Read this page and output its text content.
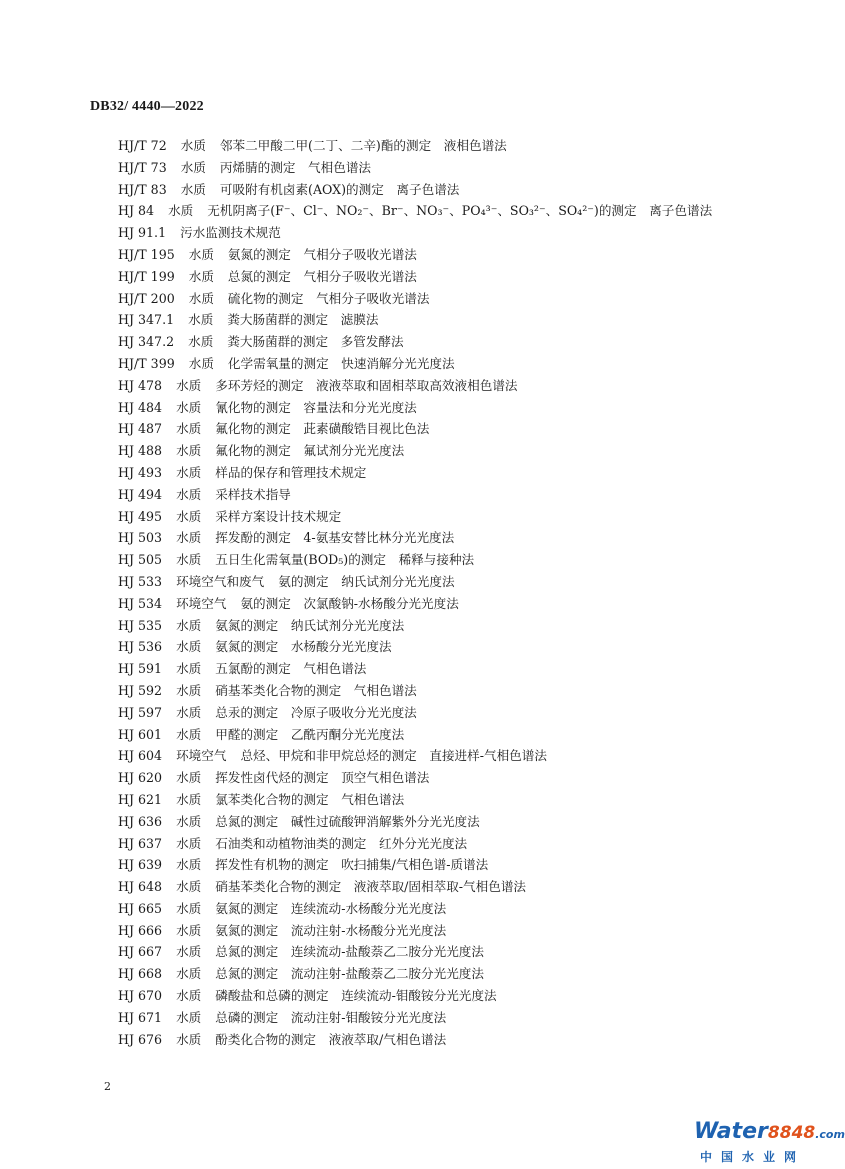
DB32/ 4440—2022
HJ/T 72 水质 邻苯二甲酸二甲(二丁、二辛)酯的测定　液相色谱法
HJ/T 73 水质 丙烯腈的测定　气相色谱法
HJ/T 83 水质 可吸附有机卤素(AOX)的测定　离子色谱法
HJ 84 水质 无机阴离子(F⁻、Cl⁻、NO₂⁻、Br⁻、NO₃⁻、PO₄³⁻、SO₃²⁻、SO₄²⁻)的测定　离子色谱法
HJ 91.1 污水监测技术规范
HJ/T 195 水质 氨氮的测定　气相分子吸收光谱法
HJ/T 199 水质 总氮的测定　气相分子吸收光谱法
HJ/T 200 水质 硫化物的测定　气相分子吸收光谱法
HJ 347.1 水质 粪大肠菌群的测定　滤膜法
HJ 347.2 水质 粪大肠菌群的测定　多管发酵法
HJ/T 399 水质 化学需氧量的测定　快速消解分光光度法
HJ 478 水质 多环芳烃的测定　液液萃取和固相萃取高效液相色谱法
HJ 484 水质 氰化物的测定　容量法和分光光度法
HJ 487 水质 氟化物的测定　茈素磺酸锆目视比色法
HJ 488 水质 氟化物的测定　氟试剂分光光度法
HJ 493 水质 样品的保存和管理技术规定
HJ 494 水质 采样技术指导
HJ 495 水质 采样方案设计技术规定
HJ 503 水质 挥发酚的测定　4-氨基安替比林分光光度法
HJ 505 水质 五日生化需氧量(BOD₅)的测定　稀释与接种法
HJ 533 环境空气和废气 氨的测定　纳氏试剂分光光度法
HJ 534 环境空气 氨的测定　次氯酸钠-水杨酸分光光度法
HJ 535 水质 氨氮的测定　纳氏试剂分光光度法
HJ 536 水质 氨氮的测定　水杨酸分光光度法
HJ 591 水质 五氯酚的测定　气相色谱法
HJ 592 水质 硝基苯类化合物的测定　气相色谱法
HJ 597 水质 总汞的测定　冷原子吸收分光光度法
HJ 601 水质 甲醛的测定　乙酰丙酮分光光度法
HJ 604 环境空气 总烃、甲烷和非甲烷总烃的测定　直接进样-气相色谱法
HJ 620 水质 挥发性卤代烃的测定　顶空气相色谱法
HJ 621 水质 氯苯类化合物的测定　气相色谱法
HJ 636 水质 总氮的测定　碱性过硫酸钾消解紫外分光光度法
HJ 637 水质 石油类和动植物油类的测定　红外分光光度法
HJ 639 水质 挥发性有机物的测定　吹扫捕集/气相色谱-质谱法
HJ 648 水质 硝基苯类化合物的测定　液液萃取/固相萃取-气相色谱法
HJ 665 水质 氨氮的测定　连续流动-水杨酸分光光度法
HJ 666 水质 氨氮的测定　流动注射-水杨酸分光光度法
HJ 667 水质 总氮的测定　连续流动-盐酸萘乙二胺分光光度法
HJ 668 水质 总氮的测定　流动注射-盐酸萘乙二胺分光光度法
HJ 670 水质 磷酸盐和总磷的测定　连续流动-钼酸铵分光光度法
HJ 671 水质 总磷的测定　流动注射-钼酸铵分光光度法
HJ 676 水质 酚类化合物的测定　液液萃取/气相色谱法
2
Water8848.com
中国水业网
